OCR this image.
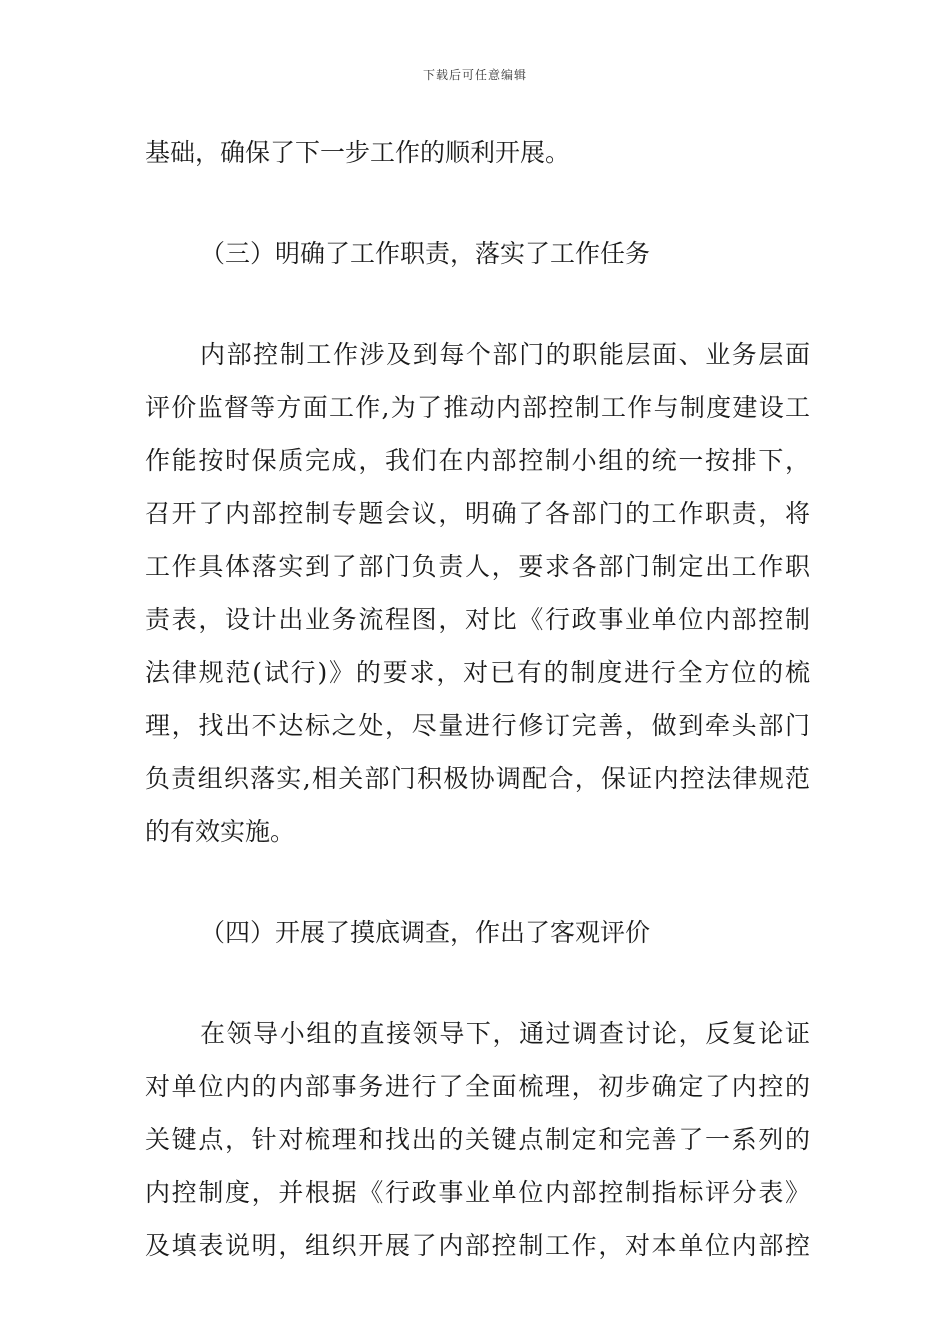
下载后可任意编辑
基础，确保了下一步工作的顺利开展。
（三）明确了工作职责，落实了工作任务
内部控制工作涉及到每个部门的职能层面、业务层面
评价监督等方面工作,为了推动内部控制工作与制度建设工
作能按时保质完成，我们在内部控制小组的统一按排下，
召开了内部控制专题会议，明确了各部门的工作职责，将
工作具体落实到了部门负责人，要求各部门制定出工作职
责表，设计出业务流程图，对比《行政事业单位内部控制
法律规范(试行)》的要求，对已有的制度进行全方位的梳
理，找出不达标之处，尽量进行修订完善，做到牵头部门
负责组织落实,相关部门积极协调配合，保证内控法律规范
的有效实施。
（四）开展了摸底调查，作出了客观评价
在领导小组的直接领导下，通过调查讨论，反复论证
对单位内的内部事务进行了全面梳理，初步确定了内控的
关键点，针对梳理和找出的关键点制定和完善了一系列的
内控制度，并根据《行政事业单位内部控制指标评分表》
及填表说明，组织开展了内部控制工作，对本单位内部控
